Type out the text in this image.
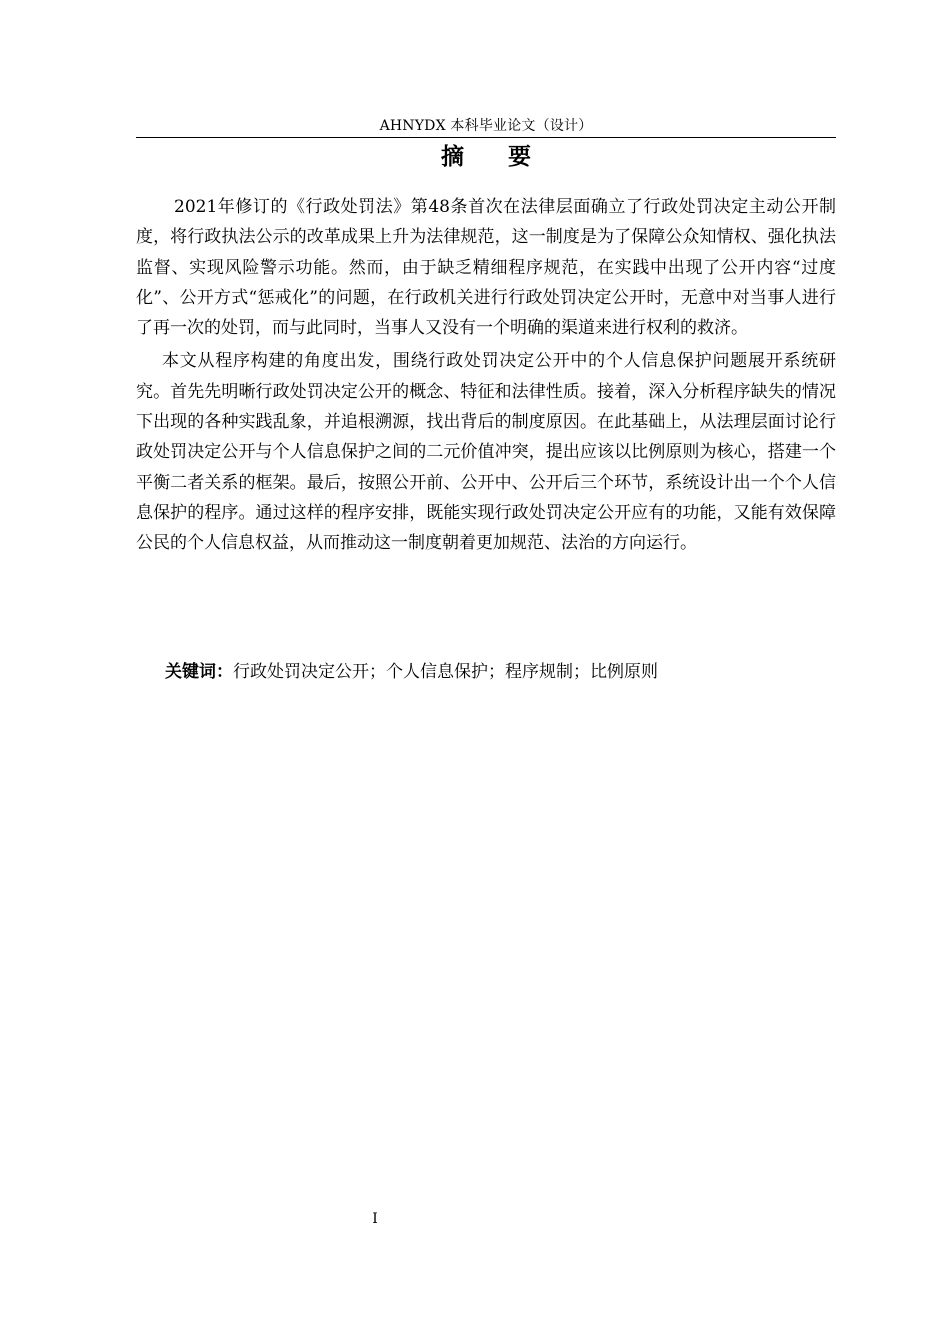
AHNYDX 本科毕业论文（设计）
摘 要

2021年修订的《行政处罚法》第48条首次在法律层面确立了行政处罚决定主动公开制度，将行政执法公示的改革成果上升为法律规范，这一制度是为了保障公众知情权、强化执法监督、实现风险警示功能。然而，由于缺乏精细程序规范，在实践中出现了公开内容“过度化”、公开方式“惩戒化”的问题，在行政机关进行行政处罚决定公开时，无意中对当事人进行了再一次的处罚，而与此同时，当事人又没有一个明确的渠道来进行权利的救济。

本文从程序构建的角度出发，围绕行政处罚决定公开中的个人信息保护问题展开系统研究。首先先明晰行政处罚决定公开的概念、特征和法律性质。接着，深入分析程序缺失的情况下出现的各种实践乱象，并追根溯源，找出背后的制度原因。在此基础上，从法理层面讨论行政处罚决定公开与个人信息保护之间的二元价值冲突，提出应该以比例原则为核心，搭建一个平衡二者关系的框架。最后，按照公开前、公开中、公开后三个环节，系统设计出一个个人信息保护的程序。通过这样的程序安排，既能实现行政处罚决定公开应有的功能，又能有效保障公民的个人信息权益，从而推动这一制度朝着更加规范、法治的方向运行。

关键词：行政处罚决定公开；个人信息保护；程序规制；比例原则
I
